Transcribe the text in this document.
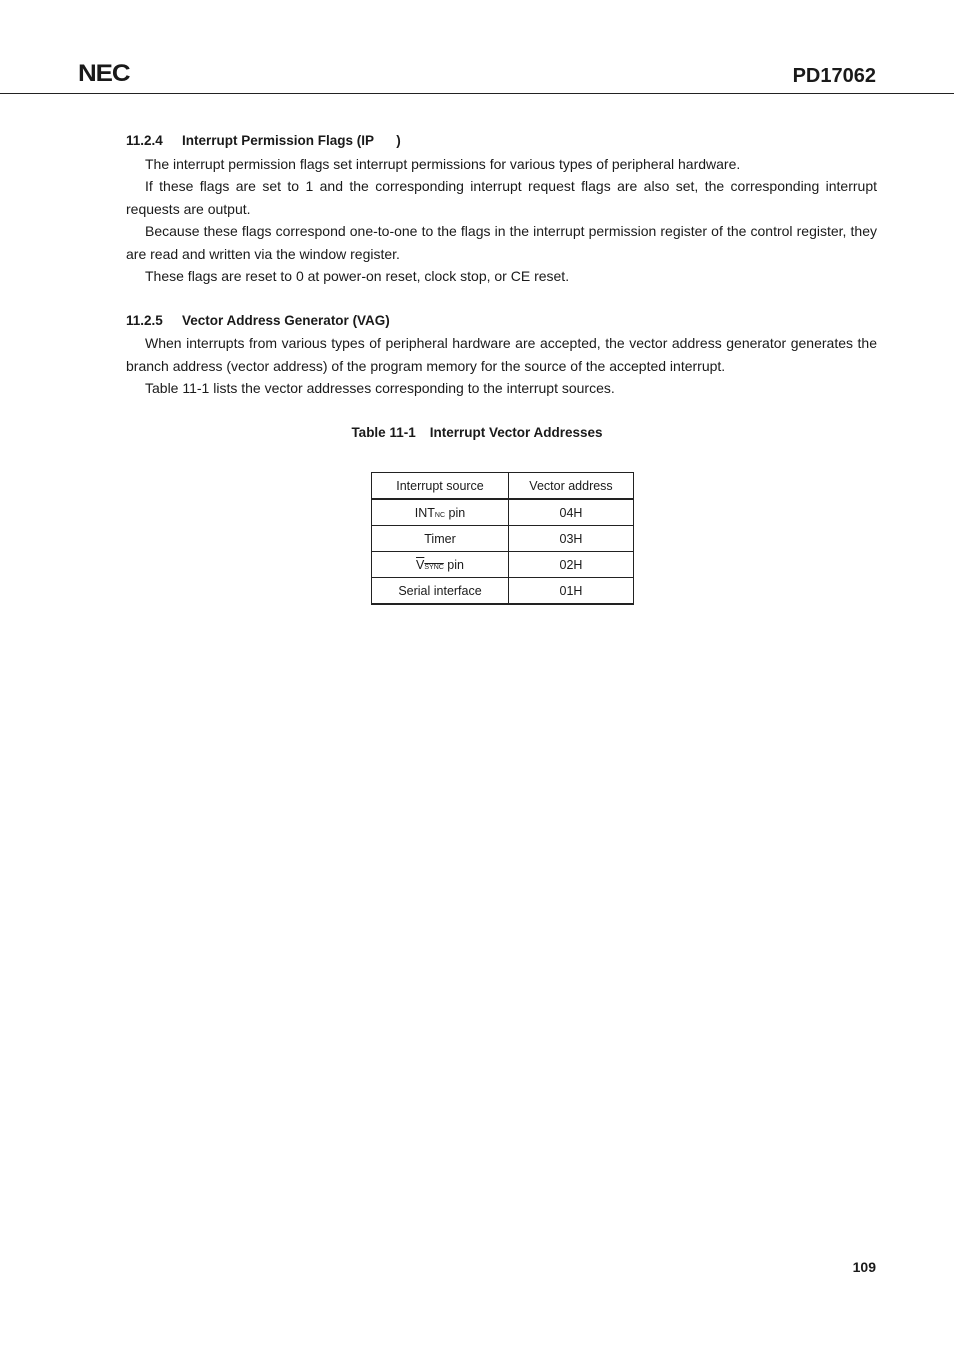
NEC	PD17062
11.2.4 Interrupt Permission Flags (IP      )

The interrupt permission flags set interrupt permissions for various types of peripheral hardware.

If these flags are set to 1 and the corresponding interrupt request flags are also set, the corresponding interrupt requests are output.

Because these flags correspond one-to-one to the flags in the interrupt permission register of the control register, they are read and written via the window register.

These flags are reset to 0 at power-on reset, clock stop, or CE reset.

11.2.5 Vector Address Generator (VAG)

When interrupts from various types of peripheral hardware are accepted, the vector address generator generates the branch address (vector address) of the program memory for the source of the accepted interrupt.

Table 11-1 lists the vector addresses corresponding to the interrupt sources.

Table 11-1 Interrupt Vector Addresses

Interrupt source	Vector address
INTNC pin	04H
Timer	03H
VSYNC pin	02H
Serial interface	01H
109
